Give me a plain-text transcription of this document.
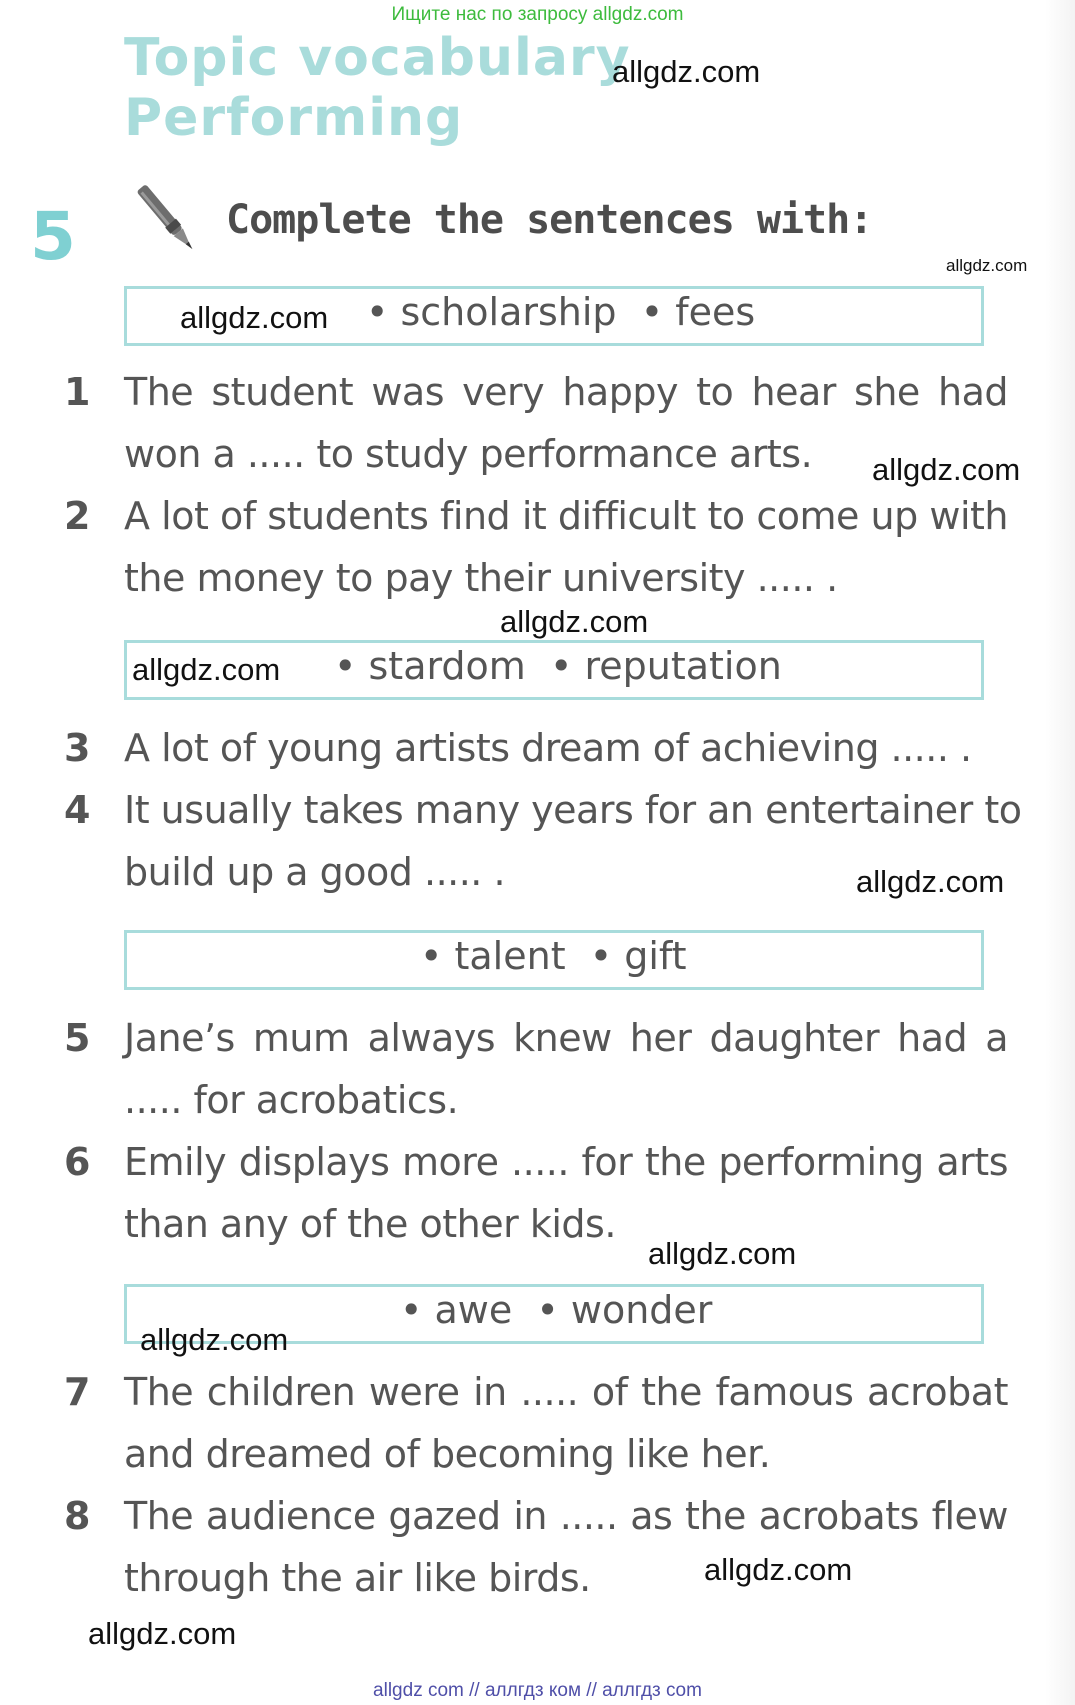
Ищите нас по запросу allgdz.com
Topic vocabulary
Performing
allgdz.com
5	Complete the sentences with:
allgdz.com
• scholarship  • fees
allgdz.com
1 The student was very happy to hear she had
won a ..... to study performance arts.	allgdz.com
2 A lot of students find it difficult to come up with
the money to pay their university ..... .
allgdz.com
• stardom  • reputation
allgdz.com
3 A lot of young artists dream of achieving ..... .
4 It usually takes many years for an entertainer to
build up a good ..... .	allgdz.com
• talent  • gift
5 Jane’s mum always knew her daughter had a
..... for acrobatics.
6 Emily displays more ..... for the performing arts
than any of the other kids.
allgdz.com
• awe  • wonder
allgdz.com
7 The children were in ..... of the famous acrobat
and dreamed of becoming like her.
8 The audience gazed in ..... as the acrobats flew
through the air like birds.	allgdz.com
allgdz.com
allgdz com // аллгдз ком // аллгдз com
